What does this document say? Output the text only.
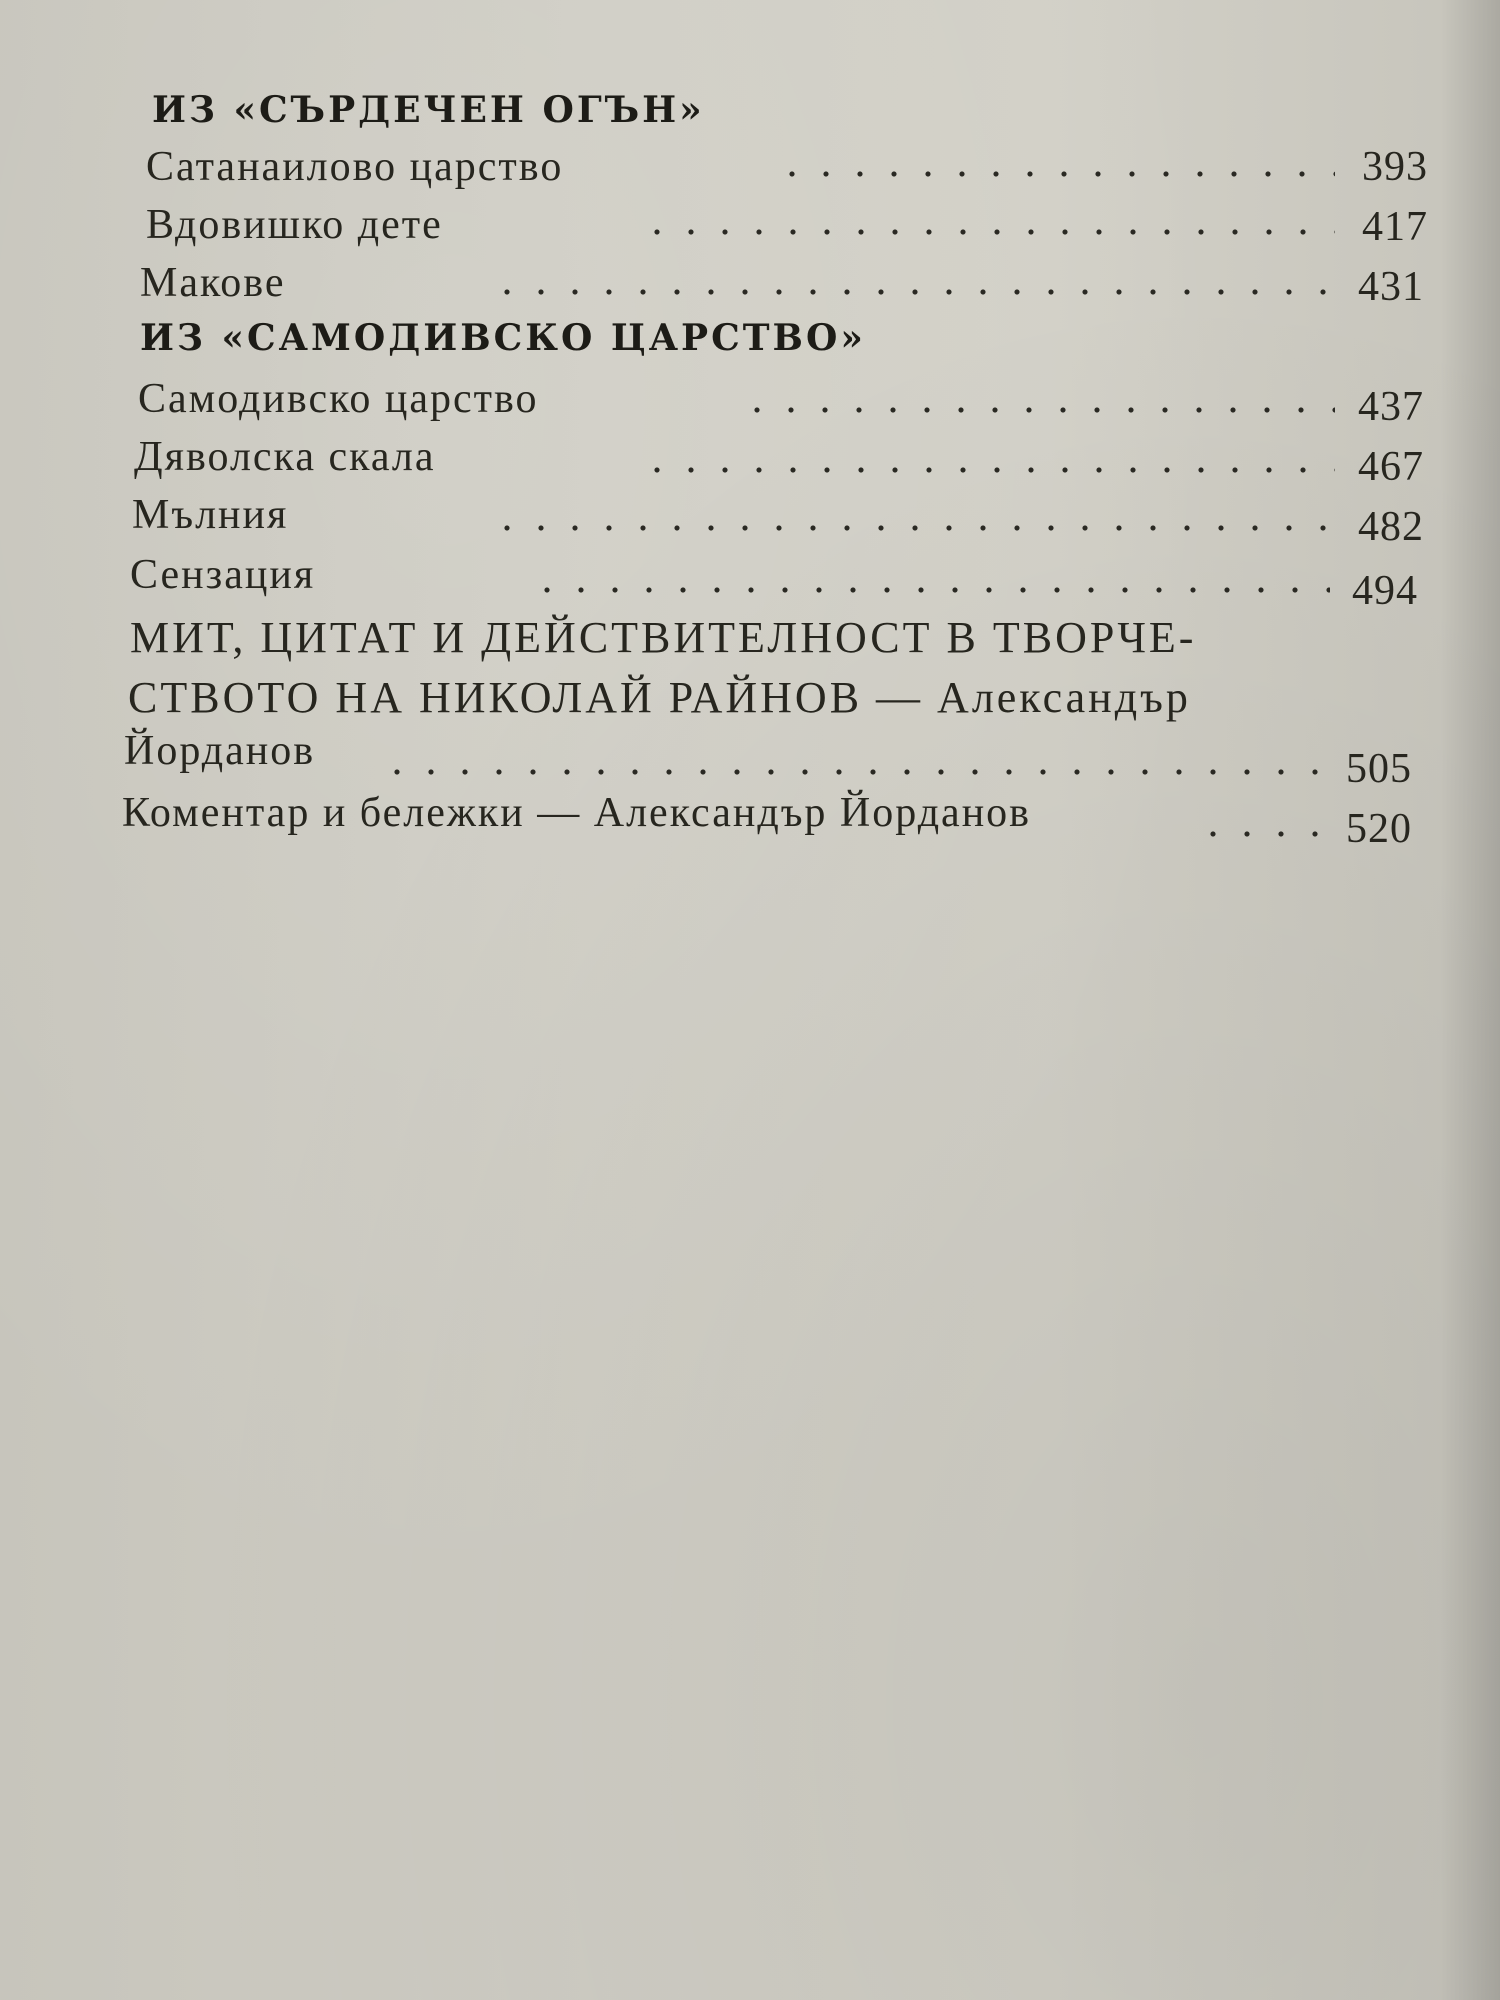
ИЗ «СЪРДЕЧЕН ОГЪН»
Сатанаилово царство	393
Вдовишко дете	417
Макове	431
ИЗ «САМОДИВСКО ЦАРСТВО»
Самодивско царство	437
Дяволска скала	467
Мълния	482
Сензация	494
МИТ, ЦИТАТ И ДЕЙСТВИТЕЛНОСТ В ТВОРЧЕ-
СТВОТО НА НИКОЛАЙ РАЙНОВ — Александър
Йорданов	505
Коментар и бележки — Александър Йорданов	520
